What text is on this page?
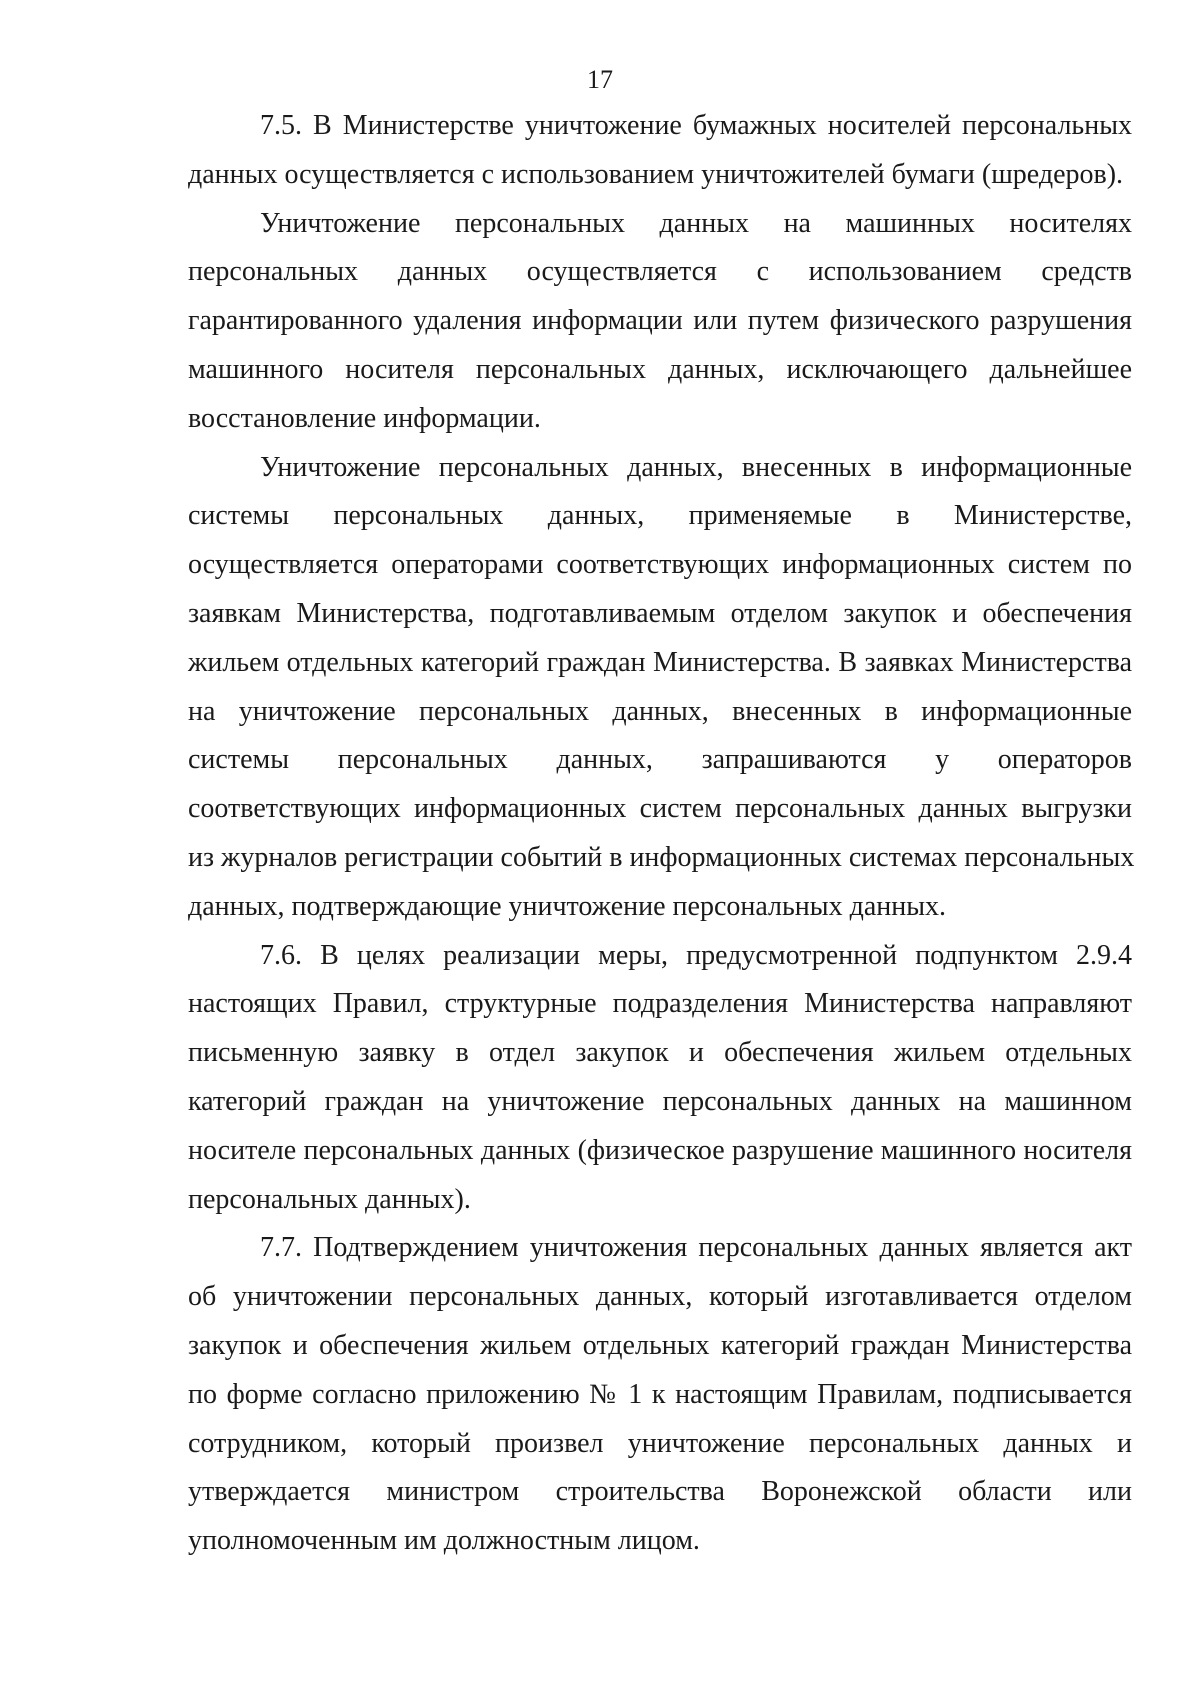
17

7.5. В Министерстве уничтожение бумажных носителей персональных
данных осуществляется с использованием уничтожителей бумаги (шредеров).

Уничтожение персональных данных на машинных носителях
персональных данных осуществляется с использованием средств
гарантированного удаления информации или путем физического разрушения
машинного носителя персональных данных, исключающего дальнейшее
восстановление информации.

Уничтожение персональных данных, внесенных в информационные
системы персональных данных, применяемые в Министерстве,
осуществляется операторами соответствующих информационных систем по
заявкам Министерства, подготавливаемым отделом закупок и обеспечения
жильем отдельных категорий граждан Министерства. В заявках Министерства
на уничтожение персональных данных, внесенных в информационные
системы персональных данных, запрашиваются у операторов
соответствующих информационных систем персональных данных выгрузки
из журналов регистрации событий в информационных системах персональных
данных, подтверждающие уничтожение персональных данных.

7.6. В целях реализации меры, предусмотренной подпунктом 2.9.4
настоящих Правил, структурные подразделения Министерства направляют
письменную заявку в отдел закупок и обеспечения жильем отдельных
категорий граждан на уничтожение персональных данных на машинном
носителе персональных данных (физическое разрушение машинного носителя
персональных данных).

7.7. Подтверждением уничтожения персональных данных является акт
об уничтожении персональных данных, который изготавливается отделом
закупок и обеспечения жильем отдельных категорий граждан Министерства
по форме согласно приложению № 1 к настоящим Правилам, подписывается
сотрудником, который произвел уничтожение персональных данных и
утверждается министром строительства Воронежской области или
уполномоченным им должностным лицом.
